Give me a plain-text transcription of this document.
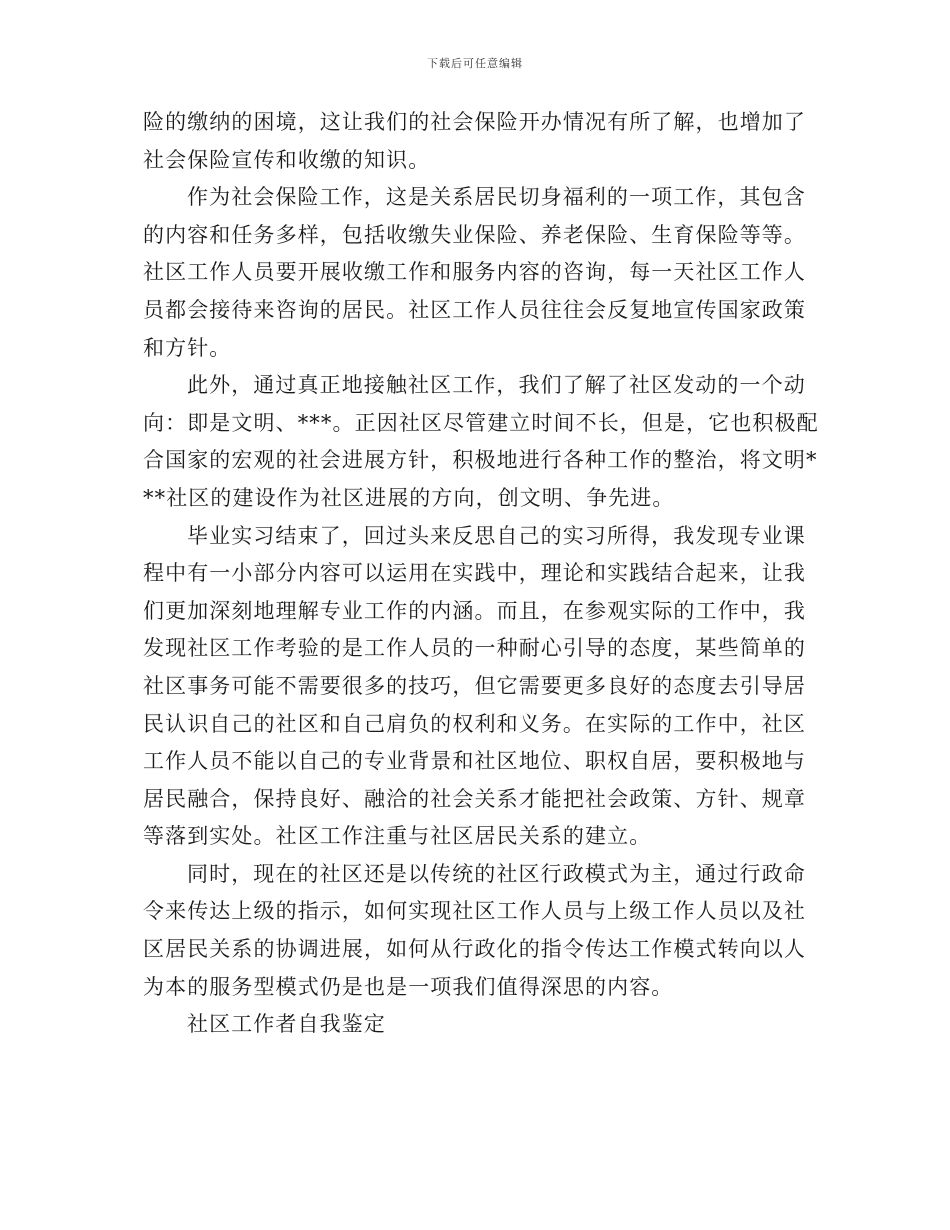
下载后可任意编辑
险的缴纳的困境，这让我们的社会保险开办情况有所了解，也增加了
社会保险宣传和收缴的知识。
作为社会保险工作，这是关系居民切身福利的一项工作，其包含
的内容和任务多样，包括收缴失业保险、养老保险、生育保险等等。
社区工作人员要开展收缴工作和服务内容的咨询，每一天社区工作人
员都会接待来咨询的居民。社区工作人员往往会反复地宣传国家政策
和方针。
此外，通过真正地接触社区工作，我们了解了社区发动的一个动
向：即是文明、***。正因社区尽管建立时间不长，但是，它也积极配
合国家的宏观的社会进展方针，积极地进行各种工作的整治，将文明*
**社区的建设作为社区进展的方向，创文明、争先进。
毕业实习结束了，回过头来反思自己的实习所得，我发现专业课
程中有一小部分内容可以运用在实践中，理论和实践结合起来，让我
们更加深刻地理解专业工作的内涵。而且，在参观实际的工作中，我
发现社区工作考验的是工作人员的一种耐心引导的态度，某些简单的
社区事务可能不需要很多的技巧，但它需要更多良好的态度去引导居
民认识自己的社区和自己肩负的权利和义务。在实际的工作中，社区
工作人员不能以自己的专业背景和社区地位、职权自居，要积极地与
居民融合，保持良好、融洽的社会关系才能把社会政策、方针、规章
等落到实处。社区工作注重与社区居民关系的建立。
同时，现在的社区还是以传统的社区行政模式为主，通过行政命
令来传达上级的指示，如何实现社区工作人员与上级工作人员以及社
区居民关系的协调进展，如何从行政化的指令传达工作模式转向以人
为本的服务型模式仍是也是一项我们值得深思的内容。
社区工作者自我鉴定
